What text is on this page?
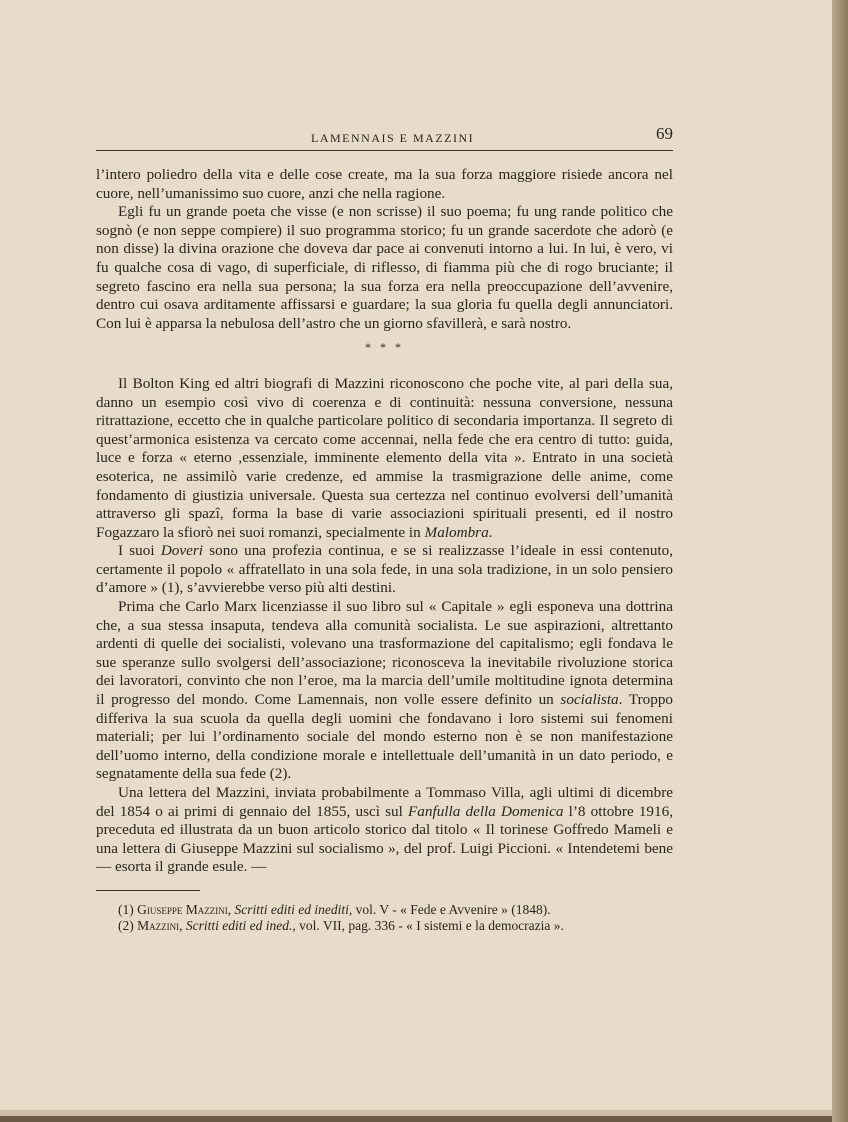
LAMENNAIS E MAZZINI	69

l’intero poliedro della vita e delle cose create, ma la sua forza maggiore risiede ancora nel cuore, nell’umanissimo suo cuore, anzi che nella ragione.

Egli fu un grande poeta che visse (e non scrisse) il suo poema; fu ung rande politico che sognò (e non seppe compiere) il suo programma storico; fu un grande sacerdote che adorò (e non disse) la divina orazione che doveva dar pace ai convenuti intorno a lui. In lui, è vero, vi fu qualche cosa di vago, di superficiale, di riflesso, di fiamma più che di rogo bruciante; il segreto fascino era nella sua persona; la sua forza era nella preoccupazione dell’avvenire, dentro cui osava arditamente affissarsi e guardare; la sua gloria fu quella degli annunciatori. Con lui è apparsa la nebulosa dell’astro che un giorno sfavillerà, e sarà nostro.

* * *

Il Bolton King ed altri biografi di Mazzini riconoscono che poche vite, al pari della sua, danno un esempio così vivo di coerenza e di continuità: nessuna conversione, nessuna ritrattazione, eccetto che in qualche particolare politico di secondaria importanza. Il segreto di quest’armonica esistenza va cercato come accennai, nella fede che era centro di tutto: guida, luce e forza « eterno ,essenziale, imminente elemento della vita ». Entrato in una società esoterica, ne assimilò varie credenze, ed ammise la trasmigrazione delle anime, come fondamento di giustizia universale. Questa sua certezza nel continuo evolversi dell’umanità attraverso gli spazî, forma la base di varie associazioni spirituali presenti, ed il nostro Fogazzaro la sfiorò nei suoi romanzi, specialmente in Malombra.

I suoi Doveri sono una profezia continua, e se si realizzasse l’ideale in essi contenuto, certamente il popolo « affratellato in una sola fede, in una sola tradizione, in un solo pensiero d’amore » (1), s’avvierebbe verso più alti destini.

Prima che Carlo Marx licenziasse il suo libro sul « Capitale » egli esponeva una dottrina che, a sua stessa insaputa, tendeva alla comunità socialista. Le sue aspirazioni, altrettanto ardenti di quelle dei socialisti, volevano una trasformazione del capitalismo; egli fondava le sue speranze sullo svolgersi dell’associazione; riconosceva la inevitabile rivoluzione storica dei lavoratori, convinto che non l’eroe, ma la marcia dell’umile moltitudine ignota determina il progresso del mondo. Come Lamennais, non volle essere definito un socialista. Troppo differiva la sua scuola da quella degli uomini che fondavano i loro sistemi sui fenomeni materiali; per lui l’ordinamento sociale del mondo esterno non è se non manifestazione dell’uomo interno, della condizione morale e intellettuale dell’umanità in un dato periodo, e segnatamente della sua fede (2).

Una lettera del Mazzini, inviata probabilmente a Tommaso Villa, agli ultimi di dicembre del 1854 o ai primi di gennaio del 1855, uscì sul Fanfulla della Domenica l’8 ottobre 1916, preceduta ed illustrata da un buon articolo storico dal titolo « Il torinese Goffredo Mameli e una lettera di Giuseppe Mazzini sul socialismo », del prof. Luigi Piccioni. « Intendetemi bene — esorta il grande esule. —

(1) Giuseppe Mazzini, Scritti editi ed inediti, vol. V - « Fede e Avvenire » (1848).

(2) Mazzini, Scritti editi ed ined., vol. VII, pag. 336 - « I sistemi e la democrazia ».
